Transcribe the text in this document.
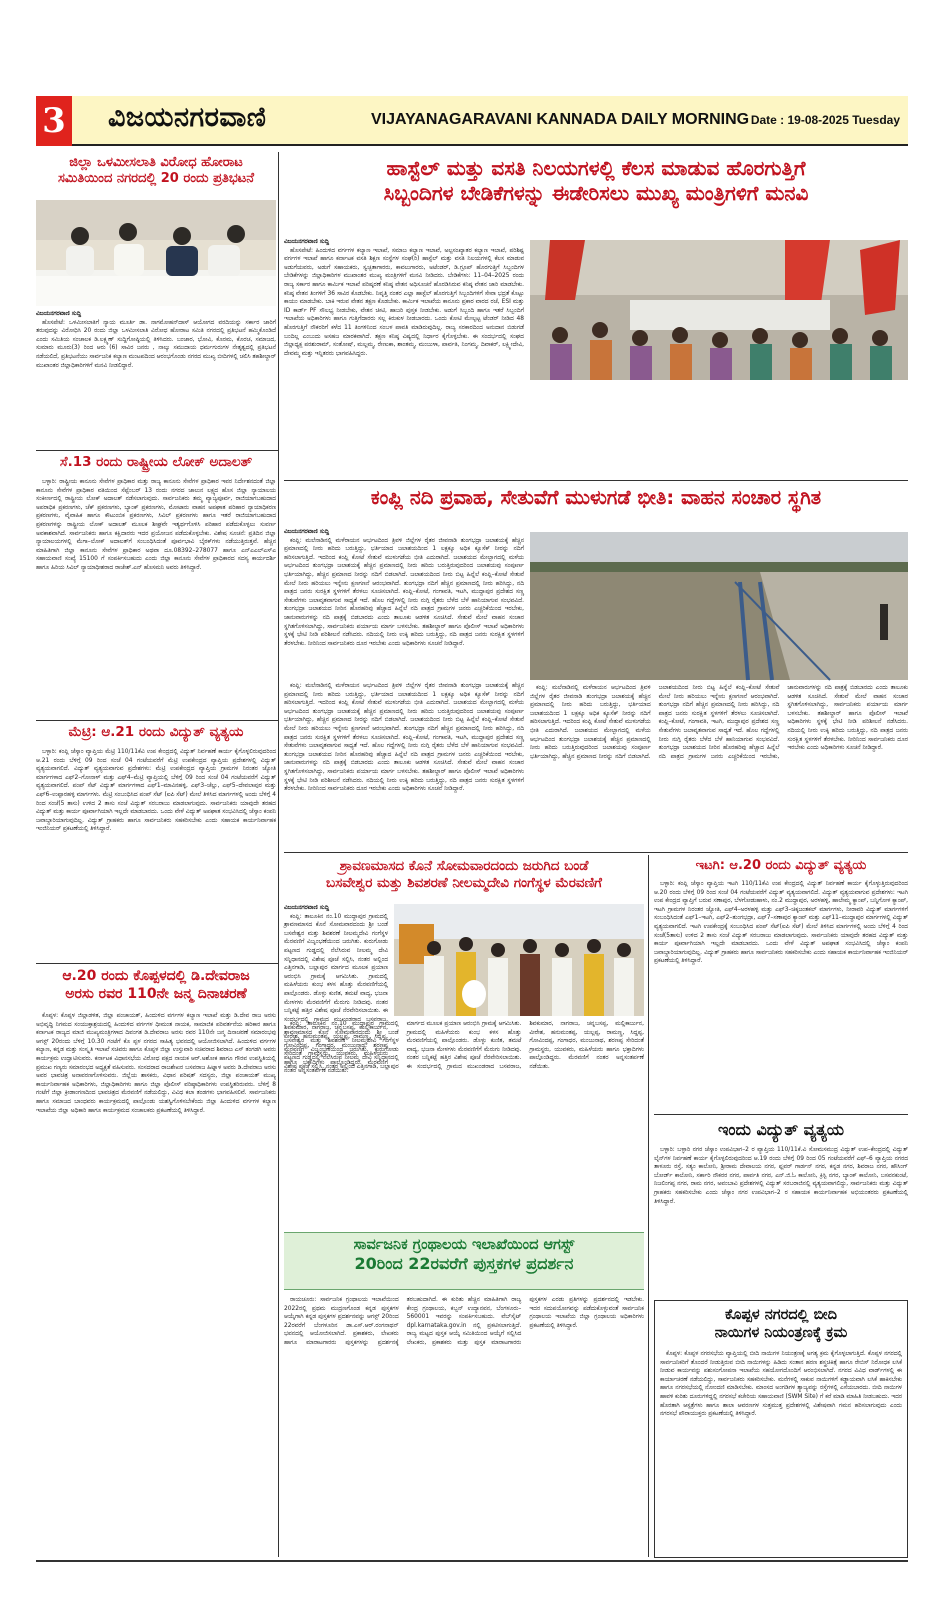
3 ವಿಜಯನಗರವಾಣಿ	VIJAYANAGARAVANI KANNADA DAILY MORNING Date : 19-08-2025 Tuesday
ಜಿಲ್ಲಾ ಒಳಮೀಸಲಾತಿ ವಿರೋಧ ಹೋರಾಟ
ಸಮಿತಿಯಿಂದ ನಗರದಲ್ಲಿ 20 ರಂದು ಪ್ರತಿಭಟನೆ
ವಿಜಯನಗರವಾಣಿ ಸುದ್ದಿ

ಹೊಸಪೇಟೆ: ಒಳಮೀಸಲಾತಿಗೆ ನ್ಯಾಯ ಮೂರ್ತಿ ಡಾ. ನಾಗಮೋಹನ್‌ದಾಸ್ ಆಯೋಗದ ವರದಿಯನ್ನು ಸರ್ಕಾರ ಜಾರಿಗೆ ತರುವುದನ್ನು ವಿರೋಧಿಸಿ 20 ರಂದು ಜಿಲ್ಲಾ ಒಳಮೀಸಲಾತಿ ವಿರೋಧ ಹೋರಾಟ ಸಮಿತಿ ನಗರದಲ್ಲಿ ಪ್ರತಿಭಟನೆ ಹಮ್ಮಿಕೊಂಡಿದೆ ಎಂದು ಸಮಿತಿಯ ಸಂಚಾಲಕ ಡಿ.ಲಕ್ಷ್ಮಣ್ ಸುದ್ದಿಗೋಷ್ಠಿಯಲ್ಲಿ ತಿಳಿಸಿದರು. ಬಂಜಾರ, ಭೋವಿ, ಕೊರಮ, ಕೊರಚ, ಸಮಾಜದ, ಸುಮಾರು ಮೂರು(3) ರಿಂದ ಆರು (6) ಸಾವಿರ ಜನರು , ನಾಲ್ಕು ಸಮುದಾಯ ಧರ್ಮಗುರುಗಳ ನೇತೃತ್ವದಲ್ಲಿ ಪ್ರತಿಭಟನೆ ನಡೆಯಲಿದೆ, ಪ್ರತಿಭಟನೆಯು ಸಾರ್ವಜನಿಕ ಕಲ್ಯಾಣ ಮಂಟಪದಿಂದ ಆರಂಭಗೊಂಡು ನಗರದ ಮುಖ್ಯ ಬೀದಿಗಳಲ್ಲಿ ಚಲಿಸಿ ತಹಶೀಲ್ದಾರ್ ಮುಖಾಂತರ ಜಿಲ್ಲಾಧಿಕಾರಿಗಳಿಗೆ ಮನವಿ ನೀಡಲಿದ್ದಾರೆ.

ಸೆ.13 ರಂದು ರಾಷ್ಟ್ರೀಯ ಲೋಕ್ ಅದಾಲತ್

ಬಳ್ಳಾರಿ: ರಾಷ್ಟ್ರೀಯ ಕಾನೂನು ಸೇವೆಗಳ ಪ್ರಾಧಿಕಾರ ಮತ್ತು ರಾಜ್ಯ ಕಾನೂನು ಸೇವೆಗಳ ಪ್ರಾಧಿಕಾರ ಇವರ ನಿರ್ದೇಶನದಂತೆ ಜಿಲ್ಲಾ ಕಾನೂನು ಸೇವೆಗಳ ಪ್ರಾಧಿಕಾರ ವತಿಯಿಂದ ಸೆಪ್ಟೆಂಬರ್ 13 ರಂದು ನಗರದ ಜಾಲುನ ಲಕ್ಷ್ಯದ ಹೊಸ ಜಿಲ್ಲಾ ನ್ಯಾಯಾಲಯ ಸಂಕೀರ್ಣದಲ್ಲಿ ರಾಷ್ಟ್ರೀಯ ಲೋಕ್ ಅದಾಲತ್ ನಡೆಸಲಾಗುವುದು. ಸಾರ್ವಜನಿಕರು ತಮ್ಮ ವ್ಯಾಜ್ಯಪೂರ್ವ, ರಾಜಿಯಾಗಬಹುದಾದ ಅಪರಾಧಿಕ ಪ್ರಕರಣಗಳು, ಚೆಕ್ ಪ್ರಕರಣಗಳು, ಬ್ಯಾಂಕ್ ಪ್ರಕರಣಗಳು, ಮೋಟಾರು ವಾಹನ ಅಪಘಾತ ಪರಿಹಾರ ನ್ಯಾಯಾಧಿಕರಣ ಪ್ರಕರಣಗಳು, ವೈವಾಹಿಕ ಹಾಗೂ ಕೌಟುಂಬಿಕ ಪ್ರಕರಣಗಳು, ಸಿವಿಲ್ ಪ್ರಕರಣಗಳು ಹಾಗೂ ಇತರೆ ರಾಜಿಯಾಗಬಹುದಾದ ಪ್ರಕರಣಗಳನ್ನು ರಾಷ್ಟ್ರೀಯ ಲೋಕ್ ಅದಾಲತ್ ಮೂಲಕ ಶೀಘ್ರವೇ ಇತ್ಯರ್ಥಗೊಳಿಸಿ ಪರಿಹಾರ ಪಡೆದುಕೊಳ್ಳಲು ಸುವರ್ಣ ಅವಕಾಶವಾಗಿದೆ. ಸಾರ್ವಜನಿಕರು ಹಾಗೂ ಕಕ್ಷಿದಾರರು ಇದರ ಪ್ರಯೋಜನ ಪಡೆದುಕೊಳ್ಳಬೇಕು. ವಿಶೇಷ ಸೂಚನೆ: ಪ್ರತಿದಿನ ಜಿಲ್ಲಾ ನ್ಯಾಯಾಲಯಗಳಲ್ಲಿ ಮೆಗಾ–ಲೋಕ್ ಅದಾಲತ್‌ಗೆ ಸಂಬಂಧಿಸಿದಂತೆ ಪೂರ್ವಭಾವಿ ಬೈಠಕ್‌ಗಳು ನಡೆಯುತ್ತಿರುತ್ತವೆ. ಹೆಚ್ಚಿನ ಮಾಹಿತಿಗಾಗಿ ಜಿಲ್ಲಾ ಕಾನೂನು ಸೇವೆಗಳ ಪ್ರಾಧಿಕಾರ ಅಥವಾ ದೂ.08392–278077 ಹಾಗೂ ಎನ್‌ಎಎಲ್‌ಎಸ್‌ಎ ಸಹಾಯವಾಣಿ ಸಂಖ್ಯೆ 15100 ಗೆ ಸಂಪರ್ಕಿಸಬಹುದು ಎಂದು ಜಿಲ್ಲಾ ಕಾನೂನು ಸೇವೆಗಳ ಪ್ರಾಧಿಕಾರದ ಸದಸ್ಯ ಕಾರ್ಯದರ್ಶಿ ಹಾಗೂ ಹಿರಿಯ ಸಿವಿಲ್ ನ್ಯಾಯಾಧೀಶರಾದ ರಾಜೇಶ್.ಎನ್ ಹೊಸಮನಿ ಅವರು ತಿಳಿಸಿದ್ದಾರೆ.

ಮೆಟ್ರಿ: ಆ.21 ರಂದು ವಿದ್ಯುತ್ ವ್ಯತ್ಯಯ

ಬಳ್ಳಾರಿ: ಕಂಪ್ಲಿ ಜೆಸ್ಕಾಂ ವ್ಯಾಪ್ತಿಯ ಮೆಟ್ರಿ 110/11ಕೆವಿ ಉಪ ಕೇಂದ್ರದಲ್ಲಿ ವಿದ್ಯುತ್ ನಿರ್ವಹಣೆ ಕಾರ್ಯ ಕೈಗೊಳ್ಳಲಿರುವುದರಿಂದ ಆ.21 ರಂದು ಬೆಳಿಗ್ಗೆ 09 ರಿಂದ ಸಂಜೆ 04 ಗಂಟೆಯವರೆಗೆ ಮೆಟ್ರಿ ಉಪಕೇಂದ್ರದ ವ್ಯಾಪ್ತಿಯ ಪ್ರದೇಶಗಳಲ್ಲಿ ವಿದ್ಯುತ್ ವ್ಯತ್ಯಯವಾಗಲಿದೆ. ವಿದ್ಯುತ್ ವ್ಯತ್ಯಯವಾಗುವ ಪ್ರದೇಶಗಳು: ಮೆಟ್ರಿ ಉಪಕೇಂದ್ರದ ವ್ಯಾಪ್ತಿಯ ಗ್ರಾಮಗಳ ನಿರಂತರ ಜ್ಯೋತಿ ಮಾರ್ಗಗಳಾದ ಎಫ್2–ಗೋನಾಳ್ ಮತ್ತು ಎಫ್4–ಮೆಟ್ರಿ ವ್ಯಾಪ್ತಿಯಲ್ಲಿ ಬೆಳಿಗ್ಗೆ 09 ರಿಂದ ಸಂಜೆ 04 ಗಂಟೆಯವರೆಗೆ ವಿದ್ಯುತ್ ವ್ಯತ್ಯಯವಾಗಲಿದೆ. ಪಂಪ್ ಸೆಟ್ ವಿದ್ಯುತ್ ಮಾರ್ಗಗಳಾದ ಎಫ್1–ಮಾವಿನಹಳ್ಳಿ, ಎಫ್3–ಚೆಲ್ಲು, ಎಫ್5–ದೇವಲಾಪುರ ಮತ್ತು ಎಫ್6–ಉಪ್ಪಾರಹಳ್ಳಿ ಮಾರ್ಗಗಳು. ಮೆಟ್ರಿ ಸಂಬಂಧಿಸಿದ ಪಂಪ್ ಸೆಟ್ (ಐಪಿ ಸೆಟ್) ಮೇಲೆ ತಿಳಿಸಿದ ಮಾರ್ಗಗಳಲ್ಲಿ ಅಂದು ಬೆಳಿಗ್ಗೆ 4 ರಿಂದ ಸಂಜೆ(5 ತಾಸು) ಉಳಿದ 2 ತಾಸು ಸಂಜೆ ವಿದ್ಯುತ್ ಸರಬರಾಜು ಮಾಡಲಾಗುವುದು. ಸಾರ್ವಜನಿಕರು ಯಾವುದೇ ತರಹದ ವಿದ್ಯುತ್ ಮತ್ತು ಕಾರ್ಯ ಪೂರ್ವಾಗಿಯಾಗಿ ಇಲ್ಲದೇ ಮಾಡಬಾರದು. ಒಂದು ವೇಳೆ ವಿದ್ಯುತ್ ಅಪಘಾತ ಸಂಭವಿಸಿದಲ್ಲಿ ಜೆಸ್ಕಾಂ ಕಂಪನಿ ಜವಾಬ್ದಾರಿಯಾಗುವುದಿಲ್ಲ. ವಿದ್ಯುತ್ ಗ್ರಾಹಕರು ಹಾಗೂ ಸಾರ್ವಜನಿಕರು ಸಹಕರಿಸಬೇಕು ಎಂದು ಸಹಾಯಕ ಕಾರ್ಯನಿರ್ವಾಹಕ ಇಂಜಿನಿಯರ್ ಪ್ರಕಟಣೆಯಲ್ಲಿ ತಿಳಿಸಿದ್ದಾರೆ.

ಆ.20 ರಂದು ಕೊಪ್ಪಳದಲ್ಲಿ ಡಿ.ದೇವರಾಜ
ಅರಸು ರವರ 110ನೇ ಜನ್ಮ ದಿನಾಚರಣೆ

ಕೊಪ್ಪಳ: ಕೊಪ್ಪಳ ಜಿಲ್ಲಾಡಳಿತ, ಜಿಲ್ಲಾ ಪಂಚಾಯತ್, ಹಿಂದುಳಿದ ವರ್ಗಗಳ ಕಲ್ಯಾಣ ಇಲಾಖೆ ಮತ್ತು ಡಿ.ದೇವ ರಾಜ ಅರಸು ಅಭಿವೃದ್ಧಿ ನಿಗಮದ ಸಂಯುಕ್ತಾಶ್ರಯದಲ್ಲಿ ಹಿಂದುಳಿದ ವರ್ಗಗಳ ಧೀಮಂತ ನಾಯಕ, ಸಾಮಾಜಿಕ ಪರಿವರ್ತನೆಯ ಹರಿಕಾರ ಹಾಗೂ ಕರ್ನಾಟಕ ರಾಜ್ಯದ ಮಾಜಿ ಮುಖ್ಯಮಂತ್ರಿಗಳಾದ ದಿವಂಗತ ಡಿ.ದೇವರಾಜ ಅರಸು ರವರ 110ನೇ ಜನ್ಮ ದಿನಾಚರಣೆ ಸಮಾರಂಭವು ಆಗಸ್ಟ್ 20ರಂದು ಬೆಳಿಗ್ಗೆ 10.30 ಗಂಟೆಗೆ ಕೊ ಪ್ಪಳ ನಗರದ ಸಾಹಿತ್ಯ ಭವನದಲ್ಲಿ ಆಯೋಜಿಸಲಾಗಿದೆ. ಹಿಂದುಳಿದ ವರ್ಗಗಳ ಕಲ್ಯಾಣ, ಕನ್ನಡ ಮತ್ತು ಸಂಸ್ಕೃತಿ ಇಲಾಖೆ ಸಚಿವರು ಹಾಗೂ ಕೊಪ್ಪಳ ಜಿಲ್ಲಾ ಉಸ್ತುವಾರಿ ಸಚಿವರಾದ ಶಿವರಾಜ ಎಸ್ ತಂಗಡಗಿ ಅವರು ಕಾರ್ಯಕ್ರಮ ಉದ್ಘಾಟಿಸುವರು. ಕರ್ನಾಟಕ ವಿಧಾನಸಭೆಯ ವಿರೋಧ ಪಕ್ಷದ ನಾಯಕ ಆರ್.ಅಶೋಕ ಹಾಗೂ ಗೌರವ ಉಪಸ್ಥಿತಿಯಲ್ಲಿ ಪ್ರಮುಖ ಗಣ್ಯರು ಸಮಾರಂಭದ ಅಧ್ಯಕ್ಷತೆ ವಹಿಸುವರು. ಸಂಸದರಾದ ರಾಜಶೇಖರ ಬಸವರಾಜ ಹಿಟ್ನಾಳ ಅವರು ಡಿ.ದೇವರಾಜ ಅರಸು ಅವರ ಭಾವಚಿತ್ರ ಅನಾವರಣಗೊಳಿಸುವರು. ಜಿಲ್ಲೆಯ ಶಾಸಕರು, ವಿಧಾನ ಪರಿಷತ್ ಸದಸ್ಯರು, ಜಿಲ್ಲಾ ಪಂಚಾಯತ್ ಮುಖ್ಯ ಕಾರ್ಯನಿರ್ವಾಹಕ ಅಧಿಕಾರಿಗಳು, ಜಿಲ್ಲಾಧಿಕಾರಿಗಳು ಹಾಗೂ ಜಿಲ್ಲಾ ಪೊಲೀಸ್ ವರಿಷ್ಠಾಧಿಕಾರಿಗಳು ಉಪಸ್ಥಿತರಿರುವರು. ಬೆಳಿಗ್ಗೆ 8 ಗಂಟೆಗೆ ಜಿಲ್ಲಾ ಕ್ರೀಡಾಂಗಣದಿಂದ ಭಾವಚಿತ್ರದ ಮೆರವಣಿಗೆ ನಡೆಯಲಿದ್ದು, ವಿವಿಧ ಕಲಾ ತಂಡಗಳು ಭಾಗವಹಿಸಲಿವೆ. ಸಾರ್ವಜನಿಕರು ಹಾಗೂ ಸಮಾಜದ ಬಾಂಧವರು ಕಾರ್ಯಕ್ರಮದಲ್ಲಿ ಪಾಲ್ಗೊಂಡು ಯಶಸ್ವಿಗೊಳಿಸಬೇಕೆಂದು ಜಿಲ್ಲಾ ಹಿಂದುಳಿದ ವರ್ಗಗಳ ಕಲ್ಯಾಣ ಇಲಾಖೆಯ ಜಿಲ್ಲಾ ಅಧಿಕಾರಿ ಹಾಗೂ ಕಾರ್ಯಕ್ರಮದ ಸಂಚಾಲಕರು ಪ್ರಕಟಣೆಯಲ್ಲಿ ತಿಳಿಸಿದ್ದಾರೆ.

ಹಾಸ್ಟೆಲ್ ಮತ್ತು ವಸತಿ ನಿಲಯಗಳಲ್ಲಿ ಕೆಲಸ ಮಾಡುವ ಹೊರಗುತ್ತಿಗೆ
ಸಿಬ್ಬಂದಿಗಳ ಬೇಡಿಕೆಗಳನ್ನು ಈಡೇರಿಸಲು ಮುಖ್ಯ ಮಂತ್ರಿಗಳಿಗೆ ಮನವಿ
ವಿಜಯನಗರವಾಣಿ ಸುದ್ದಿ

ಹೊಸಪೇಟೆ: ಹಿಂದುಳಿದ ವರ್ಗಗಳ ಕಲ್ಯಾಣ ಇಲಾಖೆ, ಸಮಾಜ ಕಲ್ಯಾಣ ಇಲಾಖೆ, ಅಲ್ಪಸಂಖ್ಯಾತರ ಕಲ್ಯಾಣ ಇಲಾಖೆ, ಪರಿಶಿಷ್ಟ ವರ್ಗಗಳ ಇಲಾಖೆ ಹಾಗೂ ಕರ್ನಾಟಕ ವಸತಿ ಶಿಕ್ಷಣ ಸಂಸ್ಥೆಗಳ ಸಂಘ(ರಿ) ಹಾಸ್ಟೆಲ್ ಮತ್ತು ವಸತಿ ನಿಲಯಗಳಲ್ಲಿ ಕೆಲಸ ಮಾಡುವ ಅಡುಗೆಯವರು, ಅಡುಗೆ ಸಹಾಯಕರು, ಸ್ವಚ್ಛತಾಗಾರರು, ಕಾವಲುಗಾರರು, ಅಟೆಂಡರ್, ಡಿ.ಗ್ರೂಪ್ ಹೊರಗುತ್ತಿಗೆ ಸಿಬ್ಬಂದಿಗಳ ಬೇಡಿಕೆಗಳನ್ನು ಜಿಲ್ಲಾಧಿಕಾರಿಗಳ ಮುಖಾಂತರ ಮುಖ್ಯ ಮಂತ್ರಿಗಳಿಗೆ ಮನವಿ ನೀಡಿದರು. ಬೇಡಿಕೆಗಳು: 11–04–2025 ರಂದು ರಾಜ್ಯ ಸರ್ಕಾರ ಹಾಗೂ ಕಾರ್ಮಿಕ ಇಲಾಖೆ ಪರಿಷ್ಕರಣೆ ಕನಿಷ್ಠ ವೇತನ ಅಧಿಸೂಚನೆ ಹೊರಡಿಸಿರುವ ಕನಿಷ್ಠ ವೇತನ ಜಾರಿ ಮಾಡಬೇಕು. ಕನಿಷ್ಠ ವೇತನ ತಿಂಗಳಿಗೆ 36 ಸಾವಿರ ಕೊಡಬೇಕು. ನಿವೃತ್ತಿ ನಂತರ ಎಲ್ಲಾ ಹಾಸ್ಟೆಲ್ ಹೊರಗುತ್ತಿಗೆ ಸಿಬ್ಬಂದಿಗಳಿಗೆ ಸೇವಾ ಭದ್ರತೆ ಕೊಟ್ಟು ಕಾಯಂ ಮಾಡಬೇಕು. ಬಾಕಿ ಇರುವ ವೇತನ ತಕ್ಷಣ ಕೊಡಬೇಕು. ಕಾರ್ಮಿಕ ಇಲಾಖೆಯ ಕಾನೂನು ಪ್ರಕಾರ ವಾರದ ರಜೆ, ESI ಮತ್ತು ID ಕಾರ್ಡ್ PF ಸೌಲಭ್ಯ ನೀಡಬೇಕು, ವೇತನ ಚೀಟಿ, ಹಾಜರಿ ಪುಸ್ತಕ ನೀಡಬೇಕು. ಅಡುಗೆ ಸಿಬ್ಬಂದಿ ಹಾಗೂ ಇತರೆ ಸಿಬ್ಬಂದಿಗೆ ಇಲಾಖೆಯ ಅಧಿಕಾರಿಗಳು ಹಾಗೂ ಗುತ್ತಿಗೆದಾರರು ಸಲ್ಲ ಕಿರುಕುಳ ನೀಡಬಾರದು. ಒಂದು ಕೋಟಿ ಮೇಲ್ಪಟ್ಟ ಟೆಂಡರ್ ನೀಡಿದ 48 ಹೊರಗುತ್ತಿಗೆ ನೌಕರರಿಗೆ ಕಳೆದ 11 ತಿಂಗಳಿನಿಂದ ಸಂಬಳ ಪಾವತಿ ಮಾಡಿರುವುದಿಲ್ಲ. ರಾಜ್ಯ ಸರಕಾರದಿಂದ ಅನುದಾನ ಬಿಡುಗಡೆ ಬಂದಿಲ್ಲ ಎಂಬುದು ಅಸಹಜ ಮಾರಕವಾಗಿದೆ. ತಕ್ಷಣ ಕನಿಷ್ಠ ವಿಷ್ಯದಲ್ಲಿ ನಿರ್ಧಾರ ಕೈಗೊಳ್ಳಬೇಕು. ಈ ಸಂದರ್ಭದಲ್ಲಿ ಸಂಘದ ಜಿಲ್ಲಾಧ್ಯಕ್ಷ ಪರಶುರಾಮ್, ಸಂತೋಷ್, ಮಲ್ಲಮ್ಮ, ರೇಣುಕಾ, ಶಾಂತಮ್ಮ, ಮಂಜುಳಾ, ಪಾರ್ವತಿ, ನಿಂಗಮ್ಮ, ದಿವಾಕರ್, ಲಕ್ಷ್ಮೀದೇವಿ, ದೇವಮ್ಮ ಮತ್ತು ಇನ್ನಿತರರು ಭಾಗವಹಿಸಿದ್ದರು.

ಕಂಪ್ಲಿ ನದಿ ಪ್ರವಾಹ, ಸೇತುವೆಗೆ ಮುಳುಗಡೆ ಭೀತಿ: ವಾಹನ ಸಂಚಾರ ಸ್ಥಗಿತ
ವಿಜಯನಗರವಾಣಿ ಸುದ್ದಿ

ಕಂಪ್ಲಿ: ಮಲೆನಾಡಿನಲ್ಲಿ ಮಳೆರಾಯನ ಆರ್ಭಟದಿಂದ ತ್ರಿವಳಿ ಜಿಲ್ಲೆಗಳ ರೈತರ ಜೀವನಾಡಿ ತುಂಗಭದ್ರಾ ಜಲಾಶಯಕ್ಕೆ ಹೆಚ್ಚಿನ ಪ್ರಮಾಣದಲ್ಲಿ ನೀರು ಹರಿದು ಬರುತ್ತಿದ್ದು, ಭರ್ತಿಯಾದ ಜಲಾಶಯದಿಂದ 1 ಲಕ್ಷಕ್ಕೂ ಅಧಿಕ ಕ್ಯೂಸೆಕ್ ನೀರನ್ನು ನದಿಗೆ ಹರಿಸಲಾಗುತ್ತಿದೆ. ಇದರಿಂದ ಕಂಪ್ಲಿ ಕೋಟೆ ಸೇತುವೆ ಮುಳುಗಡೆಯ ಭೀತಿ ಎದುರಾಗಿದೆ. ಜಲಾಶಯದ ಮೇಲ್ಭಾಗದಲ್ಲಿ ಮಳೆಯ ಆರ್ಭಟದಿಂದ ತುಂಗಭದ್ರಾ ಜಲಾಶಯಕ್ಕೆ ಹೆಚ್ಚಿನ ಪ್ರಮಾಣದಲ್ಲಿ ನೀರು ಹರಿದು ಬರುತ್ತಿರುವುದರಿಂದ ಜಲಾಶಯವು ಸಂಪೂರ್ಣ ಭರ್ತಿಯಾಗಿದ್ದು, ಹೆಚ್ಚಿನ ಪ್ರಮಾಣದ ನೀರನ್ನು ನದಿಗೆ ಬಿಡಲಾಗಿದೆ. ಜಲಾಶಯದಿಂದ ನೀರು ಬಿಟ್ಟ ಹಿನ್ನೆಲೆ ಕಂಪ್ಲಿ–ಕೋಟೆ ಸೇತುವೆ ಮೇಲೆ ನೀರು ಹರಿಯಲು ಇನ್ನೇನು ಕ್ಷಣಗಣನೆ ಆರಂಭವಾಗಿದೆ. ತುಂಗಭದ್ರಾ ನದಿಗೆ ಹೆಚ್ಚಿನ ಪ್ರಮಾಣದಲ್ಲಿ ನೀರು ಹರಿಸಿದ್ದು, ನದಿ ಪಾತ್ರದ ಜನರು ಸುರಕ್ಷಿತ ಸ್ಥಳಗಳಿಗೆ ತೆರಳಲು ಸೂಚಿಸಲಾಗಿದೆ. ಕಂಪ್ಲಿ–ಕೋಟೆ, ಗಂಗಾವತಿ, ಇಟಗಿ, ಮುದ್ದಾಪುರ ಪ್ರದೇಶದ ಸಣ್ಣ ಸೇತುವೆಗಳು ಜಲಾವೃತವಾಗುವ ಸಾಧ್ಯತೆ ಇದೆ. ಹೊಲ ಗದ್ದೆಗಳಲ್ಲಿ ನೀರು ನುಗ್ಗಿ ರೈತರು ಬೆಳೆದ ಬೆಳೆ ಹಾನಿಯಾಗುವ ಸಂಭವವಿದೆ. ತುಂಗಭದ್ರಾ ಜಲಾಶಯದ ನೀರಿನ ಹೊರಹರಿವು ಹೆಚ್ಚಾದ ಹಿನ್ನೆಲೆ ನದಿ ಪಾತ್ರದ ಗ್ರಾಮಗಳ ಜನರು ಎಚ್ಚರಿಕೆಯಿಂದ ಇರಬೇಕು, ಜಾನುವಾರುಗಳನ್ನು ನದಿ ಪಾತ್ರಕ್ಕೆ ಬಿಡಬಾರದು ಎಂದು ತಾಲೂಕು ಆಡಳಿತ ಸೂಚಿಸಿದೆ. ಸೇತುವೆ ಮೇಲೆ ವಾಹನ ಸಂಚಾರ ಸ್ಥಗಿತಗೊಳಿಸಲಾಗಿದ್ದು, ಸಾರ್ವಜನಿಕರು ಪರ್ಯಾಯ ಮಾರ್ಗ ಬಳಸಬೇಕು. ತಹಶೀಲ್ದಾರ್ ಹಾಗೂ ಪೊಲೀಸ್ ಇಲಾಖೆ ಅಧಿಕಾರಿಗಳು ಸ್ಥಳಕ್ಕೆ ಭೇಟಿ ನೀಡಿ ಪರಿಶೀಲನೆ ನಡೆಸಿದರು. ನದಿಯಲ್ಲಿ ನೀರು ಉಕ್ಕಿ ಹರಿದು ಬರುತ್ತಿದ್ದು, ನದಿ ಪಾತ್ರದ ಜನರು ಸುರಕ್ಷಿತ ಸ್ಥಳಗಳಿಗೆ ತೆರಳಬೇಕು. ನೀರಿನಿಂದ ಸಾರ್ವಜನಿಕರು ದೂರ ಇರಬೇಕು ಎಂದು ಅಧಿಕಾರಿಗಳು ಸೂಚನೆ ನೀಡಿದ್ದಾರೆ.

ಕಂಪ್ಲಿ: ಮಲೆನಾಡಿನಲ್ಲಿ ಮಳೆರಾಯನ ಆರ್ಭಟದಿಂದ ತ್ರಿವಳಿ ಜಿಲ್ಲೆಗಳ ರೈತರ ಜೀವನಾಡಿ ತುಂಗಭದ್ರಾ ಜಲಾಶಯಕ್ಕೆ ಹೆಚ್ಚಿನ ಪ್ರಮಾಣದಲ್ಲಿ ನೀರು ಹರಿದು ಬರುತ್ತಿದ್ದು, ಭರ್ತಿಯಾದ ಜಲಾಶಯದಿಂದ 1 ಲಕ್ಷಕ್ಕೂ ಅಧಿಕ ಕ್ಯೂಸೆಕ್ ನೀರನ್ನು ನದಿಗೆ ಹರಿಸಲಾಗುತ್ತಿದೆ. ಇದರಿಂದ ಕಂಪ್ಲಿ ಕೋಟೆ ಸೇತುವೆ ಮುಳುಗಡೆಯ ಭೀತಿ ಎದುರಾಗಿದೆ. ಜಲಾಶಯದ ಮೇಲ್ಭಾಗದಲ್ಲಿ ಮಳೆಯ ಆರ್ಭಟದಿಂದ ತುಂಗಭದ್ರಾ ಜಲಾಶಯಕ್ಕೆ ಹೆಚ್ಚಿನ ಪ್ರಮಾಣದಲ್ಲಿ ನೀರು ಹರಿದು ಬರುತ್ತಿರುವುದರಿಂದ ಜಲಾಶಯವು ಸಂಪೂರ್ಣ ಭರ್ತಿಯಾಗಿದ್ದು, ಹೆಚ್ಚಿನ ಪ್ರಮಾಣದ ನೀರನ್ನು ನದಿಗೆ ಬಿಡಲಾಗಿದೆ. ಜಲಾಶಯದಿಂದ ನೀರು ಬಿಟ್ಟ ಹಿನ್ನೆಲೆ ಕಂಪ್ಲಿ–ಕೋಟೆ ಸೇತುವೆ ಮೇಲೆ ನೀರು ಹರಿಯಲು ಇನ್ನೇನು ಕ್ಷಣಗಣನೆ ಆರಂಭವಾಗಿದೆ. ತುಂಗಭದ್ರಾ ನದಿಗೆ ಹೆಚ್ಚಿನ ಪ್ರಮಾಣದಲ್ಲಿ ನೀರು ಹರಿಸಿದ್ದು, ನದಿ ಪಾತ್ರದ ಜನರು ಸುರಕ್ಷಿತ ಸ್ಥಳಗಳಿಗೆ ತೆರಳಲು ಸೂಚಿಸಲಾಗಿದೆ. ಕಂಪ್ಲಿ–ಕೋಟೆ, ಗಂಗಾವತಿ, ಇಟಗಿ, ಮುದ್ದಾಪುರ ಪ್ರದೇಶದ ಸಣ್ಣ ಸೇತುವೆಗಳು ಜಲಾವೃತವಾಗುವ ಸಾಧ್ಯತೆ ಇದೆ. ಹೊಲ ಗದ್ದೆಗಳಲ್ಲಿ ನೀರು ನುಗ್ಗಿ ರೈತರು ಬೆಳೆದ ಬೆಳೆ ಹಾನಿಯಾಗುವ ಸಂಭವವಿದೆ. ತುಂಗಭದ್ರಾ ಜಲಾಶಯದ ನೀರಿನ ಹೊರಹರಿವು ಹೆಚ್ಚಾದ ಹಿನ್ನೆಲೆ ನದಿ ಪಾತ್ರದ ಗ್ರಾಮಗಳ ಜನರು ಎಚ್ಚರಿಕೆಯಿಂದ ಇರಬೇಕು, ಜಾನುವಾರುಗಳನ್ನು ನದಿ ಪಾತ್ರಕ್ಕೆ ಬಿಡಬಾರದು ಎಂದು ತಾಲೂಕು ಆಡಳಿತ ಸೂಚಿಸಿದೆ. ಸೇತುವೆ ಮೇಲೆ ವಾಹನ ಸಂಚಾರ ಸ್ಥಗಿತಗೊಳಿಸಲಾಗಿದ್ದು, ಸಾರ್ವಜನಿಕರು ಪರ್ಯಾಯ ಮಾರ್ಗ ಬಳಸಬೇಕು. ತಹಶೀಲ್ದಾರ್ ಹಾಗೂ ಪೊಲೀಸ್ ಇಲಾಖೆ ಅಧಿಕಾರಿಗಳು ಸ್ಥಳಕ್ಕೆ ಭೇಟಿ ನೀಡಿ ಪರಿಶೀಲನೆ ನಡೆಸಿದರು. ನದಿಯಲ್ಲಿ ನೀರು ಉಕ್ಕಿ ಹರಿದು ಬರುತ್ತಿದ್ದು, ನದಿ ಪಾತ್ರದ ಜನರು ಸುರಕ್ಷಿತ ಸ್ಥಳಗಳಿಗೆ ತೆರಳಬೇಕು. ನೀರಿನಿಂದ ಸಾರ್ವಜನಿಕರು ದೂರ ಇರಬೇಕು ಎಂದು ಅಧಿಕಾರಿಗಳು ಸೂಚನೆ ನೀಡಿದ್ದಾರೆ.

ಕಂಪ್ಲಿ: ಮಲೆನಾಡಿನಲ್ಲಿ ಮಳೆರಾಯನ ಆರ್ಭಟದಿಂದ ತ್ರಿವಳಿ ಜಿಲ್ಲೆಗಳ ರೈತರ ಜೀವನಾಡಿ ತುಂಗಭದ್ರಾ ಜಲಾಶಯಕ್ಕೆ ಹೆಚ್ಚಿನ ಪ್ರಮಾಣದಲ್ಲಿ ನೀರು ಹರಿದು ಬರುತ್ತಿದ್ದು, ಭರ್ತಿಯಾದ ಜಲಾಶಯದಿಂದ 1 ಲಕ್ಷಕ್ಕೂ ಅಧಿಕ ಕ್ಯೂಸೆಕ್ ನೀರನ್ನು ನದಿಗೆ ಹರಿಸಲಾಗುತ್ತಿದೆ. ಇದರಿಂದ ಕಂಪ್ಲಿ ಕೋಟೆ ಸೇತುವೆ ಮುಳುಗಡೆಯ ಭೀತಿ ಎದುರಾಗಿದೆ. ಜಲಾಶಯದ ಮೇಲ್ಭಾಗದಲ್ಲಿ ಮಳೆಯ ಆರ್ಭಟದಿಂದ ತುಂಗಭದ್ರಾ ಜಲಾಶಯಕ್ಕೆ ಹೆಚ್ಚಿನ ಪ್ರಮಾಣದಲ್ಲಿ ನೀರು ಹರಿದು ಬರುತ್ತಿರುವುದರಿಂದ ಜಲಾಶಯವು ಸಂಪೂರ್ಣ ಭರ್ತಿಯಾಗಿದ್ದು, ಹೆಚ್ಚಿನ ಪ್ರಮಾಣದ ನೀರನ್ನು ನದಿಗೆ ಬಿಡಲಾಗಿದೆ. ಜಲಾಶಯದಿಂದ ನೀರು ಬಿಟ್ಟ ಹಿನ್ನೆಲೆ ಕಂಪ್ಲಿ–ಕೋಟೆ ಸೇತುವೆ ಮೇಲೆ ನೀರು ಹರಿಯಲು ಇನ್ನೇನು ಕ್ಷಣಗಣನೆ ಆರಂಭವಾಗಿದೆ. ತುಂಗಭದ್ರಾ ನದಿಗೆ ಹೆಚ್ಚಿನ ಪ್ರಮಾಣದಲ್ಲಿ ನೀರು ಹರಿಸಿದ್ದು, ನದಿ ಪಾತ್ರದ ಜನರು ಸುರಕ್ಷಿತ ಸ್ಥಳಗಳಿಗೆ ತೆರಳಲು ಸೂಚಿಸಲಾಗಿದೆ. ಕಂಪ್ಲಿ–ಕೋಟೆ, ಗಂಗಾವತಿ, ಇಟಗಿ, ಮುದ್ದಾಪುರ ಪ್ರದೇಶದ ಸಣ್ಣ ಸೇತುವೆಗಳು ಜಲಾವೃತವಾಗುವ ಸಾಧ್ಯತೆ ಇದೆ. ಹೊಲ ಗದ್ದೆಗಳಲ್ಲಿ ನೀರು ನುಗ್ಗಿ ರೈತರು ಬೆಳೆದ ಬೆಳೆ ಹಾನಿಯಾಗುವ ಸಂಭವವಿದೆ. ತುಂಗಭದ್ರಾ ಜಲಾಶಯದ ನೀರಿನ ಹೊರಹರಿವು ಹೆಚ್ಚಾದ ಹಿನ್ನೆಲೆ ನದಿ ಪಾತ್ರದ ಗ್ರಾಮಗಳ ಜನರು ಎಚ್ಚರಿಕೆಯಿಂದ ಇರಬೇಕು, ಜಾನುವಾರುಗಳನ್ನು ನದಿ ಪಾತ್ರಕ್ಕೆ ಬಿಡಬಾರದು ಎಂದು ತಾಲೂಕು ಆಡಳಿತ ಸೂಚಿಸಿದೆ. ಸೇತುವೆ ಮೇಲೆ ವಾಹನ ಸಂಚಾರ ಸ್ಥಗಿತಗೊಳಿಸಲಾಗಿದ್ದು, ಸಾರ್ವಜನಿಕರು ಪರ್ಯಾಯ ಮಾರ್ಗ ಬಳಸಬೇಕು. ತಹಶೀಲ್ದಾರ್ ಹಾಗೂ ಪೊಲೀಸ್ ಇಲಾಖೆ ಅಧಿಕಾರಿಗಳು ಸ್ಥಳಕ್ಕೆ ಭೇಟಿ ನೀಡಿ ಪರಿಶೀಲನೆ ನಡೆಸಿದರು. ನದಿಯಲ್ಲಿ ನೀರು ಉಕ್ಕಿ ಹರಿದು ಬರುತ್ತಿದ್ದು, ನದಿ ಪಾತ್ರದ ಜನರು ಸುರಕ್ಷಿತ ಸ್ಥಳಗಳಿಗೆ ತೆರಳಬೇಕು. ನೀರಿನಿಂದ ಸಾರ್ವಜನಿಕರು ದೂರ ಇರಬೇಕು ಎಂದು ಅಧಿಕಾರಿಗಳು ಸೂಚನೆ ನೀಡಿದ್ದಾರೆ.

ಶ್ರಾವಣಮಾಸದ ಕೊನೆ ಸೋಮವಾರದಂದು ಜರುಗಿದ ಬಂಡೆ
ಬಸವೇಶ್ವರ ಮತ್ತು ಶಿವಶರಣೆ ನೀಲಮ್ಮದೇವಿ ಗಂಗೆಸ್ಥಳ ಮೆರವಣಿಗೆ
ವಿಜಯನಗರವಾಣಿ ಸುದ್ದಿ

ಕಂಪ್ಲಿ: ತಾಲೂಕಿನ ನಂ.10 ಮುದ್ದಾಪುರ ಗ್ರಾಮದಲ್ಲಿ ಶ್ರಾವಣಮಾಸದ ಕೊನೆ ಸೋಮವಾರದಂದು ಶ್ರೀ ಬಂಡೆ ಬಸವೇಶ್ವರ ಮತ್ತು ಶಿವಶರಣೆ ನೀಲಮ್ಮದೇವಿ ಗಂಗೆಸ್ಥಳ ಮೆರವಣಿಗೆ ವಿಜೃಂಭಣೆಯಿಂದ ಜರುಗಿತು. ಕುರುಗೋಡು ಪಟ್ಟಣದ ಗುಡ್ಡದಲ್ಲಿ ನೆಲೆಸಿರುವ ನೀಲಮ್ಮ ದೇವಿ ಸನ್ನಿಧಾನದಲ್ಲಿ ವಿಶೇಷ ಪೂಜೆ ಸಲ್ಲಿಸಿ, ನಂತರ ಅಲ್ಲಿಂದ ಎತ್ತಿನಗಾಡಿ, ಬಲ್ಲಾಪುರ ಮಾರ್ಗದ ಮೂಲಕ ಪ್ರಯಾಣ ಆರಂಭಿಸಿ ಗ್ರಾಮಕ್ಕೆ ಆಗಮಿಸಿತು. ಗ್ರಾಮದಲ್ಲಿ ಮಹಿಳೆಯರು ಕುಂಭ ಕಳಸ ಹೊತ್ತು ಮೆರವಣಿಗೆಯಲ್ಲಿ ಪಾಲ್ಗೊಂಡರು. ಡೊಳ್ಳು ಕುಣಿತ, ತಮಟೆ ವಾದ್ಯ, ಭಜನಾ ಮೇಳಗಳು ಮೆರವಣಿಗೆಗೆ ಮೆರುಗು ನೀಡಿದವು. ನಂತರ ಬನ್ನಿಕಟ್ಟೆ ಹತ್ತಿರ ವಿಶೇಷ ಪೂಜೆ ನೆರವೇರಿಸಲಾಯಿತು. ಈ ಸಂದರ್ಭದಲ್ಲಿ ಗ್ರಾಮದ ಮುಖಂಡರಾದ ಬಸವರಾಜ, ಶಿವಕುಮಾರ, ನಾಗರಾಜ, ಚನ್ನಬಸಪ್ಪ, ಮಲ್ಲಿಕಾರ್ಜುನ, ವೀರೇಶ, ಹನುಮಂತಪ್ಪ, ಯಲ್ಲಪ್ಪ, ರಾಮಣ್ಣ, ಸಿದ್ದಪ್ಪ, ಗೋವಿಂದಪ್ಪ, ಗಂಗಾಧರ, ಮಂಜುನಾಥ, ಶರಣಪ್ಪ ಸೇರಿದಂತೆ ಗ್ರಾಮಸ್ಥರು, ಯುವಕರು, ಮಹಿಳೆಯರು ಹಾಗೂ ಭಕ್ತಾದಿಗಳು ಪಾಲ್ಗೊಂಡಿದ್ದರು. ಮೆರವಣಿಗೆ ನಂತರ ಅನ್ನಸಂತರ್ಪಣೆ ನಡೆಯಿತು.

ಕಂಪ್ಲಿ: ತಾಲೂಕಿನ ನಂ.10 ಮುದ್ದಾಪುರ ಗ್ರಾಮದಲ್ಲಿ ಶ್ರಾವಣಮಾಸದ ಕೊನೆ ಸೋಮವಾರದಂದು ಶ್ರೀ ಬಂಡೆ ಬಸವೇಶ್ವರ ಮತ್ತು ಶಿವಶರಣೆ ನೀಲಮ್ಮದೇವಿ ಗಂಗೆಸ್ಥಳ ಮೆರವಣಿಗೆ ವಿಜೃಂಭಣೆಯಿಂದ ಜರುಗಿತು. ಕುರುಗೋಡು ಪಟ್ಟಣದ ಗುಡ್ಡದಲ್ಲಿ ನೆಲೆಸಿರುವ ನೀಲಮ್ಮ ದೇವಿ ಸನ್ನಿಧಾನದಲ್ಲಿ ವಿಶೇಷ ಪೂಜೆ ಸಲ್ಲಿಸಿ, ನಂತರ ಅಲ್ಲಿಂದ ಎತ್ತಿನಗಾಡಿ, ಬಲ್ಲಾಪುರ ಮಾರ್ಗದ ಮೂಲಕ ಪ್ರಯಾಣ ಆರಂಭಿಸಿ ಗ್ರಾಮಕ್ಕೆ ಆಗಮಿಸಿತು. ಗ್ರಾಮದಲ್ಲಿ ಮಹಿಳೆಯರು ಕುಂಭ ಕಳಸ ಹೊತ್ತು ಮೆರವಣಿಗೆಯಲ್ಲಿ ಪಾಲ್ಗೊಂಡರು. ಡೊಳ್ಳು ಕುಣಿತ, ತಮಟೆ ವಾದ್ಯ, ಭಜನಾ ಮೇಳಗಳು ಮೆರವಣಿಗೆಗೆ ಮೆರುಗು ನೀಡಿದವು. ನಂತರ ಬನ್ನಿಕಟ್ಟೆ ಹತ್ತಿರ ವಿಶೇಷ ಪೂಜೆ ನೆರವೇರಿಸಲಾಯಿತು. ಈ ಸಂದರ್ಭದಲ್ಲಿ ಗ್ರಾಮದ ಮುಖಂಡರಾದ ಬಸವರಾಜ, ಶಿವಕುಮಾರ, ನಾಗರಾಜ, ಚನ್ನಬಸಪ್ಪ, ಮಲ್ಲಿಕಾರ್ಜುನ, ವೀರೇಶ, ಹನುಮಂತಪ್ಪ, ಯಲ್ಲಪ್ಪ, ರಾಮಣ್ಣ, ಸಿದ್ದಪ್ಪ, ಗೋವಿಂದಪ್ಪ, ಗಂಗಾಧರ, ಮಂಜುನಾಥ, ಶರಣಪ್ಪ ಸೇರಿದಂತೆ ಗ್ರಾಮಸ್ಥರು, ಯುವಕರು, ಮಹಿಳೆಯರು ಹಾಗೂ ಭಕ್ತಾದಿಗಳು ಪಾಲ್ಗೊಂಡಿದ್ದರು. ಮೆರವಣಿಗೆ ನಂತರ ಅನ್ನಸಂತರ್ಪಣೆ ನಡೆಯಿತು.

ಸಾರ್ವಜನಿಕ ಗ್ರಂಥಾಲಯ ಇಲಾಖೆಯಿಂದ ಆಗಸ್ಟ್
20ರಿಂದ 22ರವರೆಗೆ ಪುಸ್ತಕಗಳ ಪ್ರದರ್ಶನ

ರಾಯಚೂರು: ಸಾರ್ವಜನಿಕ ಗ್ರಂಥಾಲಯ ಇಲಾಖೆಯಿಂದ 2022ರಲ್ಲಿ ಪ್ರಥಮ ಮುದ್ರಣಗೊಂಡ ಕನ್ನಡ ಪುಸ್ತಕಗಳ ಆಯ್ಕೆಗಾಗಿ ಕನ್ನಡ ಪುಸ್ತಕಗಳ ಪ್ರದರ್ಶನವನ್ನು ಆಗಸ್ಟ್ 20ರಿಂದ 22ರವರೆಗೆ ಬೆಂಗಳೂರಿನ ಡಾ.ಎಸ್.ಆರ್.ರಂಗನಾಥನ್ ಭವನದಲ್ಲಿ ಆಯೋಜಿಸಲಾಗಿದೆ. ಪ್ರಕಾಶಕರು, ಲೇಖಕರು ಹಾಗೂ ಮಾರಾಟಗಾರರು ಪುಸ್ತಕಗಳನ್ನು ಪ್ರದರ್ಶನಕ್ಕೆ ತರಬಹುದಾಗಿದೆ. ಈ ಕುರಿತು ಹೆಚ್ಚಿನ ಮಾಹಿತಿಗಾಗಿ ರಾಜ್ಯ ಕೇಂದ್ರ ಗ್ರಂಥಾಲಯ, ಕಬ್ಬನ್ ಉದ್ಯಾನವನ, ಬೆಂಗಳೂರು–560001 ಇವರನ್ನು ಸಂಪರ್ಕಿಸಬಹುದು. ವೆಬ್‌ಸೈಟ್ dpl.karnataka.gov.in ನಲ್ಲಿ ಪ್ರಕಟಿಸಲಾಗುತ್ತಿದೆ. ರಾಜ್ಯ ಮಟ್ಟದ ಪುಸ್ತಕ ಆಯ್ಕೆ ಸಮಿತಿಯಿಂದ ಆಯ್ಕೆಗೆ ಸಲ್ಲಿಸಿದ ಲೇಖಕರು, ಪ್ರಕಾಶಕರು ಮತ್ತು ಪುಸ್ತಕ ಮಾರಾಟಗಾರರು ಪುಸ್ತಕಗಳ ಎರಡು ಪ್ರತಿಗಳನ್ನು ಪ್ರದರ್ಶನದಲ್ಲಿ ಇಡಬೇಕು. ಇದರ ಸದುಪಯೋಗವನ್ನು ಪಡೆದುಕೊಳ್ಳುವಂತೆ ಸಾರ್ವಜನಿಕ ಗ್ರಂಥಾಲಯ ಇಲಾಖೆಯ ಜಿಲ್ಲಾ ಗ್ರಂಥಾಲಯ ಅಧಿಕಾರಿಗಳು ಪ್ರಕಟಣೆಯಲ್ಲಿ ತಿಳಿಸಿದ್ದಾರೆ.

ಇಟಗಿ: ಆ.20 ರಂದು ವಿದ್ಯುತ್ ವ್ಯತ್ಯಯ

ಬಳ್ಳಾರಿ: ಕಂಪ್ಲಿ ಜೆಸ್ಕಾಂ ವ್ಯಾಪ್ತಿಯ ಇಟಗಿ 110/11ಕೆವಿ ಉಪ ಕೇಂದ್ರದಲ್ಲಿ ವಿದ್ಯುತ್ ನಿರ್ವಹಣೆ ಕಾರ್ಯ ಕೈಗೊಳ್ಳುತ್ತಿರುವುದರಿಂದ ಆ.20 ರಂದು ಬೆಳಿಗ್ಗೆ 09 ರಿಂದ ಸಂಜೆ 04 ಗಂಟೆಯವರೆಗೆ ವಿದ್ಯುತ್ ವ್ಯತ್ಯಯವಾಗಲಿದೆ. ವಿದ್ಯುತ್ ವ್ಯತ್ಯಯವಾಗುವ ಪ್ರದೇಶಗಳು: ಇಟಗಿ ಉಪ ಕೇಂದ್ರದ ವ್ಯಾಪ್ತಿಗೆ ಬರುವ ಸಣಾಪುರ, ಬೆಳಗೋಡುಹಾಳು, ನಂ.2 ಮುದ್ದಾಪುರ, ಅರಳಹಳ್ಳಿ, ಹಾಲೇಮ್ಮ ಕ್ಯಾಂಪ್, ಬನ್ನಿಗೋಳ ಕ್ಯಾಂಪ್, ಇಟಗಿ ಗ್ರಾಮಗಳ ನಿರಂತರ ಜ್ಯೋತಿ, ಎಫ್4–ಅರಳಹಳ್ಳಿ ಮತ್ತು ಎಫ್3–ಚಿಕ್ಕಜಂತಕಲ್ ಮಾರ್ಗಗಳು, ನೀರಾವರಿ ವಿದ್ಯುತ್ ಮಾರ್ಗಗಳಿಗೆ ಸಂಬಂಧಿಸಿದಂತೆ ಎಫ್1–ಇಟಗಿ, ಎಫ್2–ತುಂಗಭದ್ರಾ, ಎಫ್7–ಸಣಾಪುರ ಕ್ಯಾಂಪ್ ಮತ್ತು ಎಫ್11–ಮುದ್ದಾಪುರ ಮಾರ್ಗಗಳಲ್ಲಿ ವಿದ್ಯುತ್ ವ್ಯತ್ಯಯವಾಗಲಿದೆ. ಇಟಗಿ ಉಪಕೇಂದ್ರಕ್ಕೆ ಸಂಬಂಧಿಸಿದ ಪಂಪ್ ಸೆಟ್(ಐಪಿ ಸೆಟ್) ಮೇಲೆ ತಿಳಿಸಿದ ಮಾರ್ಗಗಳಲ್ಲಿ ಅಂದು ಬೆಳಿಗ್ಗೆ 4 ರಿಂದ ಸಂಜೆ(5ತಾಸು) ಉಳಿದ 2 ತಾಸು ಸಂಜೆ ವಿದ್ಯುತ್ ಸರಬರಾಜು ಮಾಡಲಾಗುವುದು. ಸಾರ್ವಜನಿಕರು ಯಾವುದೇ ತರಹದ ವಿದ್ಯುತ್ ಮತ್ತು ಕಾರ್ಯ ಪೂರ್ವಾಗಿಯಾಗಿ ಇಲ್ಲದೇ ಮಾಡಬಾರದು. ಒಂದು ವೇಳೆ ವಿದ್ಯುತ್ ಅಪಘಾತ ಸಂಭವಿಸಿದಲ್ಲಿ ಜೆಸ್ಕಾಂ ಕಂಪನಿ ಜವಾಬ್ದಾರಿಯಾಗುವುದಿಲ್ಲ. ವಿದ್ಯುತ್ ಗ್ರಾಹಕರು ಹಾಗೂ ಸಾರ್ವಜನಿಕರು ಸಹಕರಿಸಬೇಕು ಎಂದು ಸಹಾಯಕ ಕಾರ್ಯನಿರ್ವಾಹಕ ಇಂಜಿನಿಯರ್ ಪ್ರಕಟಣೆಯಲ್ಲಿ ತಿಳಿಸಿದ್ದಾರೆ.

ಇಂದು ವಿದ್ಯುತ್ ವ್ಯತ್ಯಯ

ಬಳ್ಳಾರಿ: ಬಳ್ಳಾರಿ ನಗರ ಜೆಸ್ಕಾಂ ಉಪವಿಭಾಗ–2 ರ ವ್ಯಾಪ್ತಿಯ 110/11ಕೆ.ವಿ ಸೋಮಸಮುದ್ರ ವಿದ್ಯುತ್ ಉಪ–ಕೇಂದ್ರದಲ್ಲಿ ವಿದ್ಯುತ್ ಲೈನ್‌ಗಳ ನಿರ್ವಹಣೆ ಕಾರ್ಯ ಕೈಗೊಳ್ಳಲಿರುವುದರಿಂದ ಆ.19 ರಂದು ಬೆಳಿಗ್ಗೆ 09 ರಿಂದ 05 ಗಂಟೆಯವರೆಗೆ ಎಫ್–6 ವ್ಯಾಪ್ತಿಯ ನಗರದ ತಾಳೂರು ರಸ್ತೆ, ಸತ್ಯಂ ಕಾಲೋನಿ, ಶ್ರೀರಾಮ ದೇವಾಲಯ ನಗರ, ಫ್ಲವರ್ ಗಾರ್ಡನ್ ನಗರ, ಕನ್ನಡ ನಗರ, ಶಿವರಾಜ ನಗರ, ಹೌಸಿಂಗ್ ಬೋರ್ಡ್ ಕಾಲೋನಿ, ಸರ್ಕಾರಿ ನೌಕರರ ನಗರ, ಪಾರ್ವತಿ ನಗರ, ಎನ್.ಜಿ.ಓ ಕಾಲೋನಿ, ಕ್ರಿಸ್ಟಿ ನಗರ, ಬ್ಯಾಂಕ್ ಕಾಲೋನಿ, ಬಸವನಕುಂಟೆ, ನಿಜಲಿಂಗಪ್ಪ ನಗರ, ರಾಮ ನಗರ, ಅವಂಬಾವಿ ಪ್ರದೇಶಗಳಲ್ಲಿ ವಿದ್ಯುತ್ ಸರಬರಾಜಿನಲ್ಲಿ ವ್ಯತ್ಯಯವಾಗಲಿದ್ದು, ಸಾರ್ವಜನಿಕರು ಮತ್ತು ವಿದ್ಯುತ್ ಗ್ರಾಹಕರು ಸಹಕರಿಸಬೇಕು ಎಂದು ಜೆಸ್ಕಾಂ ನಗರ ಉಪವಿಭಾಗ–2 ರ ಸಹಾಯಕ ಕಾರ್ಯನಿರ್ವಾಹಕ ಅಭಿಯಂತರರು ಪ್ರಕಟಣೆಯಲ್ಲಿ ತಿಳಿಸಿದ್ದಾರೆ.

ಕೊಪ್ಪಳ ನಗರದಲ್ಲಿ ಬೀದಿ
ನಾಯಿಗಳ ನಿಯಂತ್ರಣಕ್ಕೆ ಕ್ರಮ

ಕೊಪ್ಪಳ: ಕೊಪ್ಪಳ ನಗರಸಭೆಯ ವ್ಯಾಪ್ತಿಯಲ್ಲಿ ಬೀದಿ ನಾಯಿಗಳ ನಿಯಂತ್ರಣಕ್ಕೆ ಅಗತ್ಯ ಕ್ರಮ ಕೈಗೊಳ್ಳಲಾಗುತ್ತಿದೆ. ಕೊಪ್ಪಳ ನಗರದಲ್ಲಿ ಸಾರ್ವಜನಿಕರಿಗೆ ತೊಂದರೆ ನೀಡುತ್ತಿರುವ ಬೀದಿ ನಾಯಿಗಳನ್ನು ಹಿಡಿದು ಸಂತಾನ ಹರಣ ಶಸ್ತ್ರಚಿಕಿತ್ಸೆ ಹಾಗೂ ರೇಬಿಸ್ ನಿರೋಧಕ ಲಸಿಕೆ ನೀಡುವ ಕಾರ್ಯವನ್ನು ಪಶುಸಂಗೋಪನಾ ಇಲಾಖೆಯ ಸಹಯೋಗದೊಂದಿಗೆ ಆರಂಭಿಸಲಾಗಿದೆ. ನಗರದ ವಿವಿಧ ವಾರ್ಡ್‌ಗಳಲ್ಲಿ ಈ ಕಾರ್ಯಾಚರಣೆ ನಡೆಯಲಿದ್ದು, ಸಾರ್ವಜನಿಕರು ಸಹಕರಿಸಬೇಕು. ಮನೆಗಳಲ್ಲಿ ಸಾಕುವ ನಾಯಿಗಳಿಗೆ ಕಡ್ಡಾಯವಾಗಿ ಲಸಿಕೆ ಹಾಕಿಸಬೇಕು ಹಾಗೂ ನಗರಸಭೆಯಲ್ಲಿ ನೋಂದಣಿ ಮಾಡಿಸಬೇಕು. ಮಾಂಸದ ಅಂಗಡಿಗಳ ತ್ಯಾಜ್ಯವನ್ನು ರಸ್ತೆಗಳಲ್ಲಿ ಎಸೆಯಬಾರದು. ಬೀದಿ ನಾಯಿಗಳ ಹಾವಳಿ ಕುರಿತು ದೂರುಗಳಿದ್ದಲ್ಲಿ ನಗರಸಭೆ ಕಚೇರಿಯ ಸಹಾಯವಾಣಿ (SWM Site) ಗೆ ಕರೆ ಮಾಡಿ ಮಾಹಿತಿ ನೀಡಬಹುದು. ಇದರ ಹೊರತಾಗಿ ಆಸ್ಪತ್ರೆಗಳು ಹಾಗೂ ಶಾಲಾ ಆವರಣಗಳ ಸುತ್ತಮುತ್ತ ಪ್ರದೇಶಗಳಲ್ಲಿ ವಿಶೇಷವಾಗಿ ಗಮನ ಹರಿಸಲಾಗುವುದು ಎಂದು ನಗರಸಭೆ ಪೌರಾಯುಕ್ತರು ಪ್ರಕಟಣೆಯಲ್ಲಿ ತಿಳಿಸಿದ್ದಾರೆ.
